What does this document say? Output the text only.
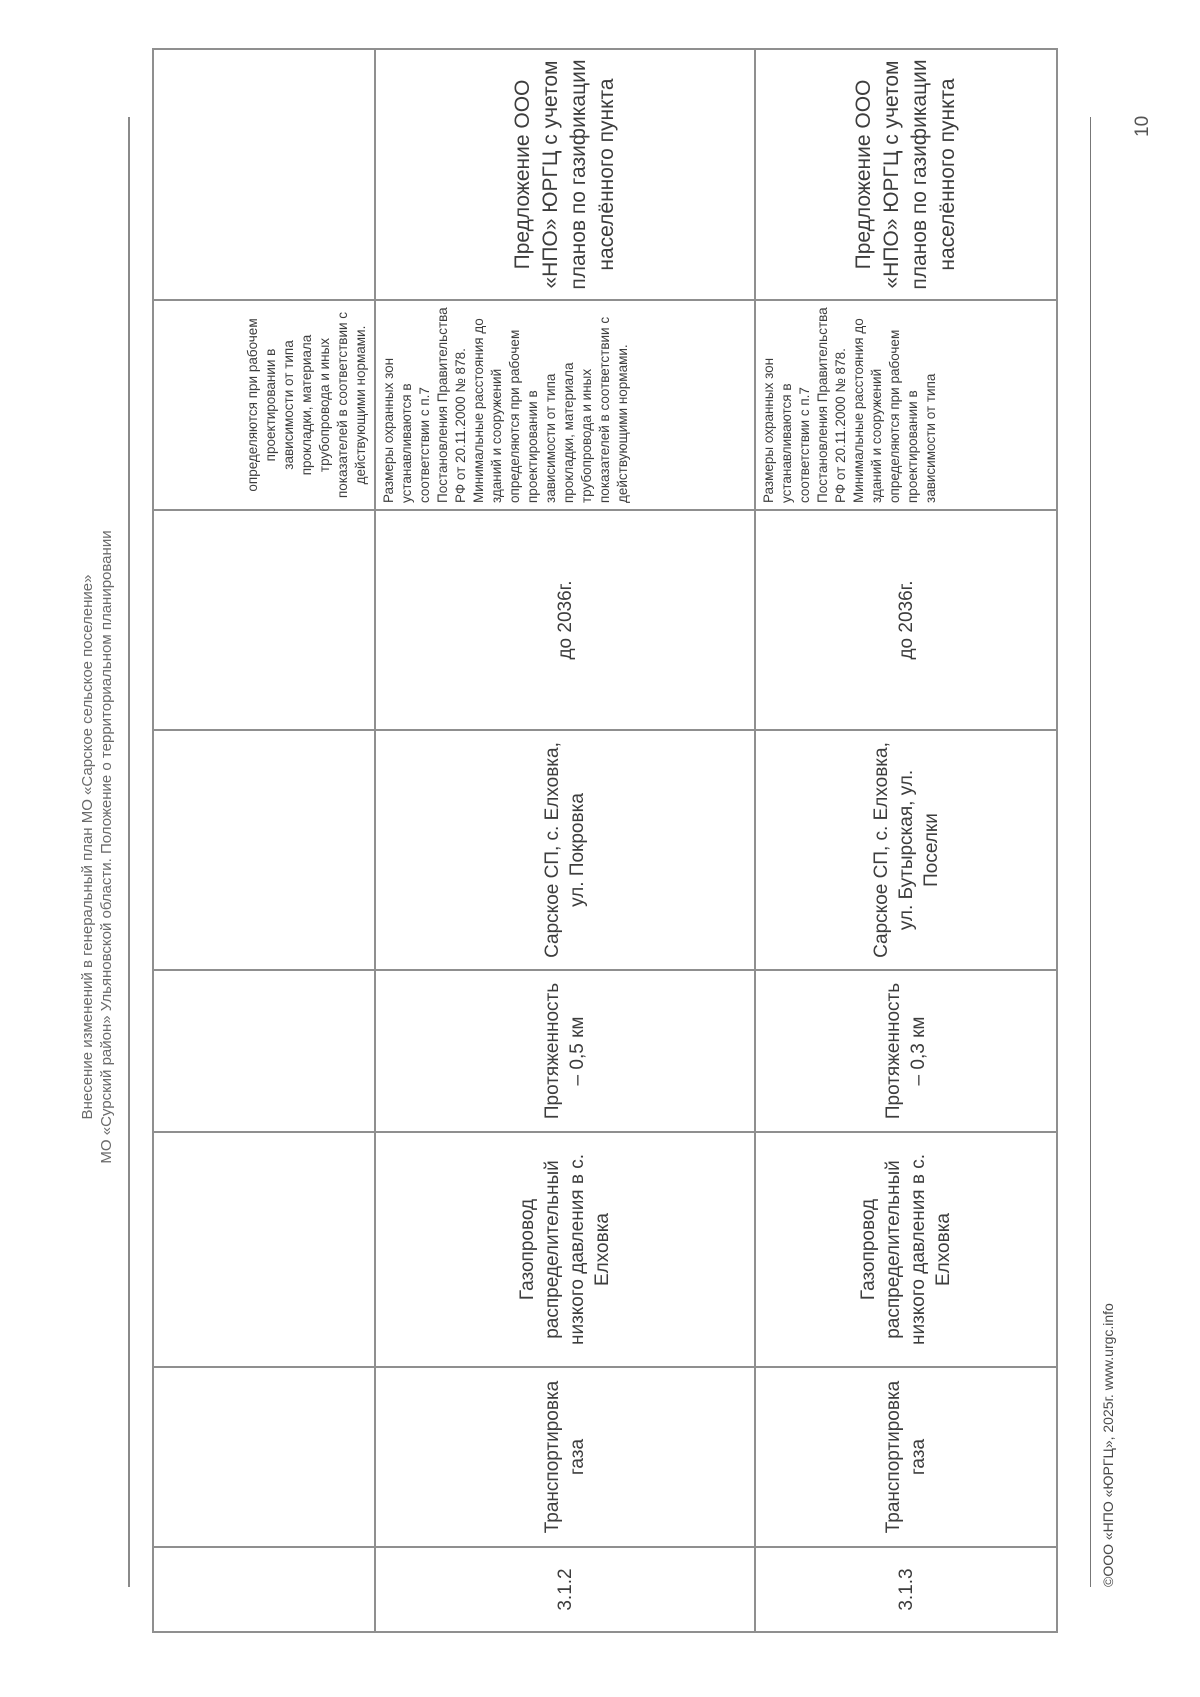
Внесение изменений в генеральный план МО «Сарское сельское поселение» МО «Сурский район» Ульяновской области. Положение о территориальном планировании
						определяются при рабочем проектировании в зависимости от типа прокладки, материала трубопровода и иных показателей в соответствии с действующими нормами.	
3.1.2	Транспортировка газа	Газопровод распределительный низкого давления в с. Елховка	Протяженность – 0,5 км	Сарское СП, с. Елховка, ул. Покровка	до 2036г.	Размеры охранных зон устанавливаются в соответствии с п.7 Постановления Правительства РФ от 20.11.2000 № 878. Минимальные расстояния до зданий и сооружений определяются при рабочем проектировании в зависимости от типа прокладки, материала трубопровода и иных показателей в соответствии с действующими нормами.	Предложение ООО «НПО» ЮРГЦ с учетом планов по газификации населённого пункта
3.1.3	Транспортировка газа	Газопровод распределительный низкого давления в с. Елховка	Протяженность – 0,3 км	Сарское СП, с. Елховка, ул. Бутырская, ул. Поселки	до 2036г.	Размеры охранных зон устанавливаются в соответствии с п.7 Постановления Правительства РФ от 20.11.2000 № 878. Минимальные расстояния до зданий и сооружений определяются при рабочем проектировании в зависимости от типа	Предложение ООО «НПО» ЮРГЦ с учетом планов по газификации населённого пункта
©ООО «НПО «ЮРГЦ», 2025г. www.urgc.info
10
